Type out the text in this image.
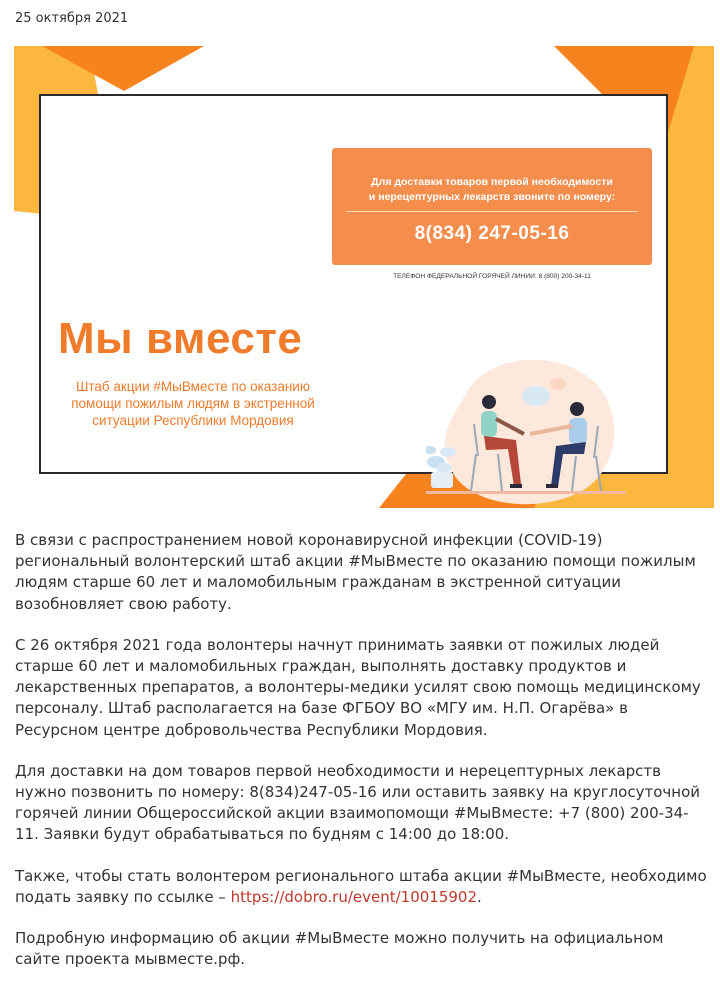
25 октября 2021
Для доставки товаров первой необходимости
и нерецептурных лекарств звоните по номеру:
8(834) 247-05-16
ТЕЛЕФОН ФЕДЕРАЛЬНОЙ ГОРЯЧЕЙ ЛИНИИ: 8 (800) 200-34-11
Мы вместе
Штаб акции #МыВместе по оказанию
помощи пожилым людям в экстренной
ситуации Республики Мордовия

В связи с распространением новой коронавирусной инфекции (COVID-19) региональный волонтерский штаб акции #МыВместе по оказанию помощи пожилым людям старше 60 лет и маломобильным гражданам в экстренной ситуации возобновляет свою работу.

С 26 октября 2021 года волонтеры начнут принимать заявки от пожилых людей старше 60 лет и маломобильных граждан, выполнять доставку продуктов и лекарственных препаратов, а волонтеры-медики усилят свою помощь медицинскому персоналу. Штаб располагается на базе ФГБОУ ВО «МГУ им. Н.П. Огарёва» в Ресурсном центре добровольчества Республики Мордовия.

Для доставки на дом товаров первой необходимости и нерецептурных лекарств нужно позвонить по номеру: 8(834)247-05-16 или оставить заявку на круглосуточной горячей линии Общероссийской акции взаимопомощи #МыВместе: +7 (800) 200-34-11. Заявки будут обрабатываться по будням с 14:00 до 18:00.

Также, чтобы стать волонтером регионального штаба акции #МыВместе, необходимо подать заявку по ссылке – https://dobro.ru/event/10015902.

Подробную информацию об акции #МыВместе можно получить на официальном сайте проекта мывместе.рф.
